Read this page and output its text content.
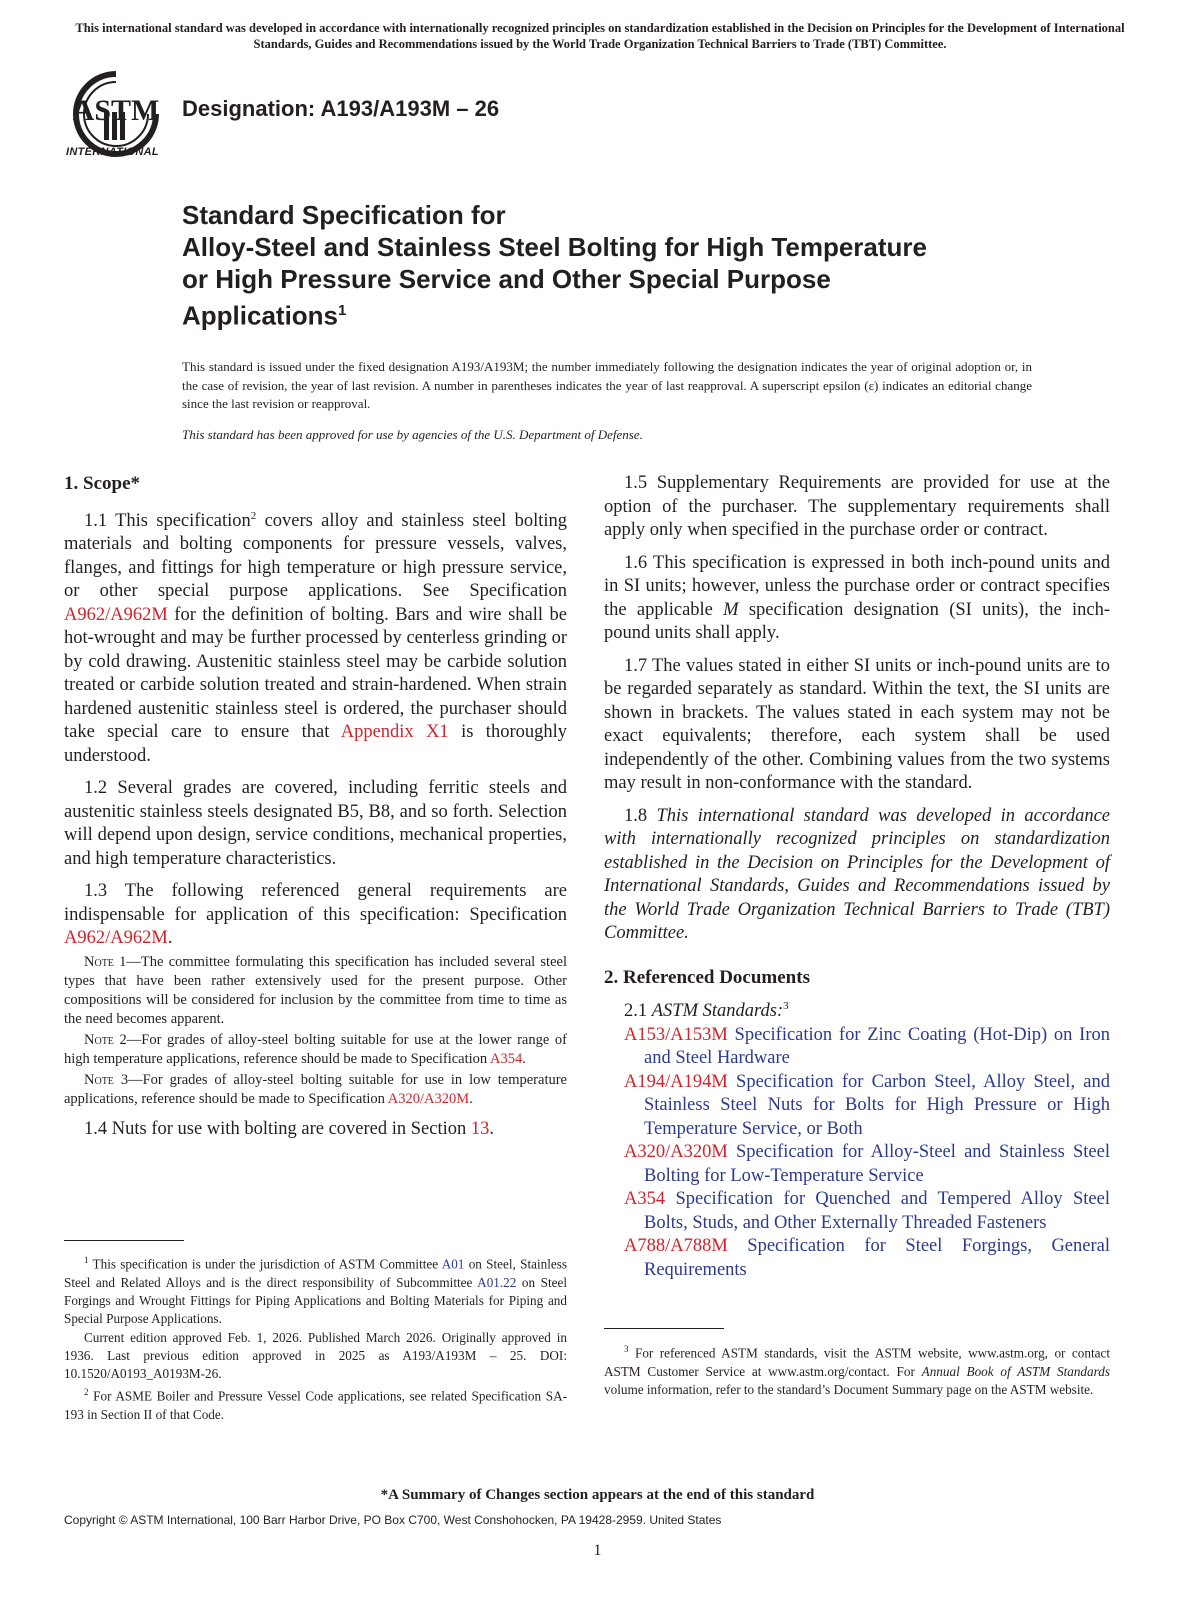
This international standard was developed in accordance with internationally recognized principles on standardization established in the Decision on Principles for the Development of International Standards, Guides and Recommendations issued by the World Trade Organization Technical Barriers to Trade (TBT) Committee.
ASTM
INTERNATIONAL
Designation: A193/A193M – 26
Standard Specification for
Alloy-Steel and Stainless Steel Bolting for High Temperature
or High Pressure Service and Other Special Purpose
Applications$^1$
This standard is issued under the fixed designation A193/A193M; the number immediately following the designation indicates the year of original adoption or, in the case of revision, the year of last revision. A number in parentheses indicates the year of last reapproval. A superscript epsilon (ε) indicates an editorial change since the last revision or reapproval.
This standard has been approved for use by agencies of the U.S. Department of Defense.

1. Scope*

1.1 This specification$^2$ covers alloy and stainless steel bolting materials and bolting components for pressure vessels, valves, flanges, and fittings for high temperature or high pressure service, or other special purpose applications. See Specification A962/A962M for the definition of bolting. Bars and wire shall be hot-wrought and may be further processed by centerless grinding or by cold drawing. Austenitic stainless steel may be carbide solution treated or carbide solution treated and strain-hardened. When strain hardened austenitic stainless steel is ordered, the purchaser should take special care to ensure that Appendix X1 is thoroughly understood.

1.2 Several grades are covered, including ferritic steels and austenitic stainless steels designated B5, B8, and so forth. Selection will depend upon design, service conditions, mechanical properties, and high temperature characteristics.

1.3 The following referenced general requirements are indispensable for application of this specification: Specification A962/A962M.

Note 1—The committee formulating this specification has included several steel types that have been rather extensively used for the present purpose. Other compositions will be considered for inclusion by the committee from time to time as the need becomes apparent.

Note 2—For grades of alloy-steel bolting suitable for use at the lower range of high temperature applications, reference should be made to Specification A354.

Note 3—For grades of alloy-steel bolting suitable for use in low temperature applications, reference should be made to Specification A320/A320M.

1.4 Nuts for use with bolting are covered in Section 13.

$^1$ This specification is under the jurisdiction of ASTM Committee A01 on Steel, Stainless Steel and Related Alloys and is the direct responsibility of Subcommittee A01.22 on Steel Forgings and Wrought Fittings for Piping Applications and Bolting Materials for Piping and Special Purpose Applications.

Current edition approved Feb. 1, 2026. Published March 2026. Originally approved in 1936. Last previous edition approved in 2025 as A193/A193M – 25. DOI: 10.1520/A0193_A0193M-26.

$^2$ For ASME Boiler and Pressure Vessel Code applications, see related Specification SA-193 in Section II of that Code.

1.5 Supplementary Requirements are provided for use at the option of the purchaser. The supplementary requirements shall apply only when specified in the purchase order or contract.

1.6 This specification is expressed in both inch-pound units and in SI units; however, unless the purchase order or contract specifies the applicable M specification designation (SI units), the inch-pound units shall apply.

1.7 The values stated in either SI units or inch-pound units are to be regarded separately as standard. Within the text, the SI units are shown in brackets. The values stated in each system may not be exact equivalents; therefore, each system shall be used independently of the other. Combining values from the two systems may result in non-conformance with the standard.

1.8 This international standard was developed in accordance with internationally recognized principles on standardization established in the Decision on Principles for the Development of International Standards, Guides and Recommendations issued by the World Trade Organization Technical Barriers to Trade (TBT) Committee.

2. Referenced Documents

2.1 ASTM Standards:$^3$

A153/A153M Specification for Zinc Coating (Hot-Dip) on Iron and Steel Hardware

A194/A194M Specification for Carbon Steel, Alloy Steel, and Stainless Steel Nuts for Bolts for High Pressure or High Temperature Service, or Both

A320/A320M Specification for Alloy-Steel and Stainless Steel Bolting for Low-Temperature Service

A354 Specification for Quenched and Tempered Alloy Steel Bolts, Studs, and Other Externally Threaded Fasteners

A788/A788M Specification for Steel Forgings, General Requirements

$^3$ For referenced ASTM standards, visit the ASTM website, www.astm.org, or contact ASTM Customer Service at www.astm.org/contact. For Annual Book of ASTM Standards volume information, refer to the standard’s Document Summary page on the ASTM website.
*A Summary of Changes section appears at the end of this standard
Copyright © ASTM International, 100 Barr Harbor Drive, PO Box C700, West Conshohocken, PA 19428-2959. United States
1
